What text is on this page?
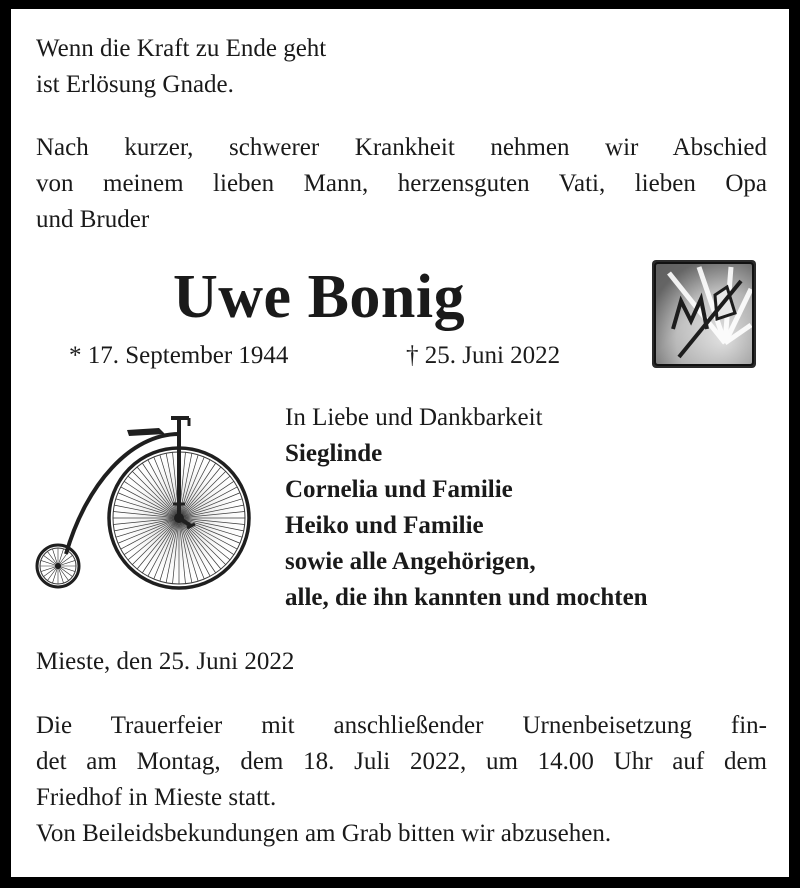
Wenn die Kraft zu Ende geht
ist Erlösung Gnade.
Nach kurzer, schwerer Krankheit nehmen wir Abschied
von meinem lieben Mann, herzensguten Vati, lieben Opa
und Bruder
Uwe Bonig
* 17. September 1944	† 25. Juni 2022
In Liebe und Dankbarkeit
Sieglinde
Cornelia und Familie
Heiko und Familie
sowie alle Angehörigen,
alle, die ihn kannten und mochten
Mieste, den 25. Juni 2022
Die Trauerfeier mit anschließender Urnenbeisetzung fin-
det am Montag, dem 18. Juli 2022, um 14.00 Uhr auf dem
Friedhof in Mieste statt.
Von Beileidsbekundungen am Grab bitten wir abzusehen.
